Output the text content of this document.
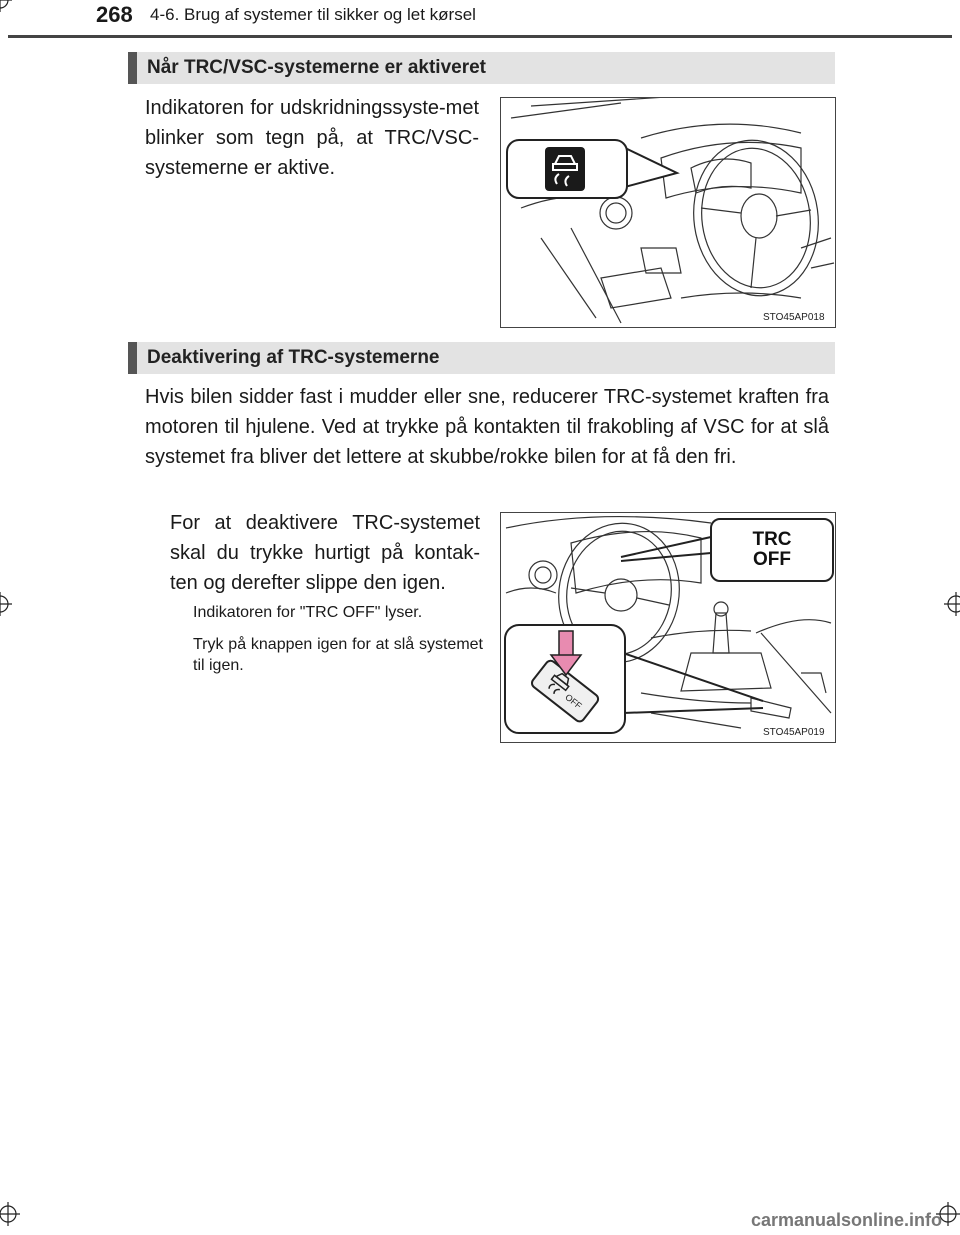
268 4-6. Brug af systemer til sikker og let kørsel
Når TRC/VSC-systemerne er aktiveret
Indikatoren for udskridningssyste-met blinker som tegn på, at TRC/VSC-systemerne er aktive.
STO45AP018
Deaktivering af TRC-systemerne
Hvis bilen sidder fast i mudder eller sne, reducerer TRC-systemet kraften fra motoren til hjulene. Ved at trykke på kontakten til frakobling af VSC for at slå systemet fra bliver det lettere at skubbe/rokke bilen for at få den fri.
For at deaktivere TRC-systemet skal du trykke hurtigt på kontak-ten og derefter slippe den igen.
Indikatoren for "TRC OFF" lyser.
Tryk på knappen igen for at slå systemet til igen.
OFF
STO45AP019
TRC
OFF
carmanualsonline.info
